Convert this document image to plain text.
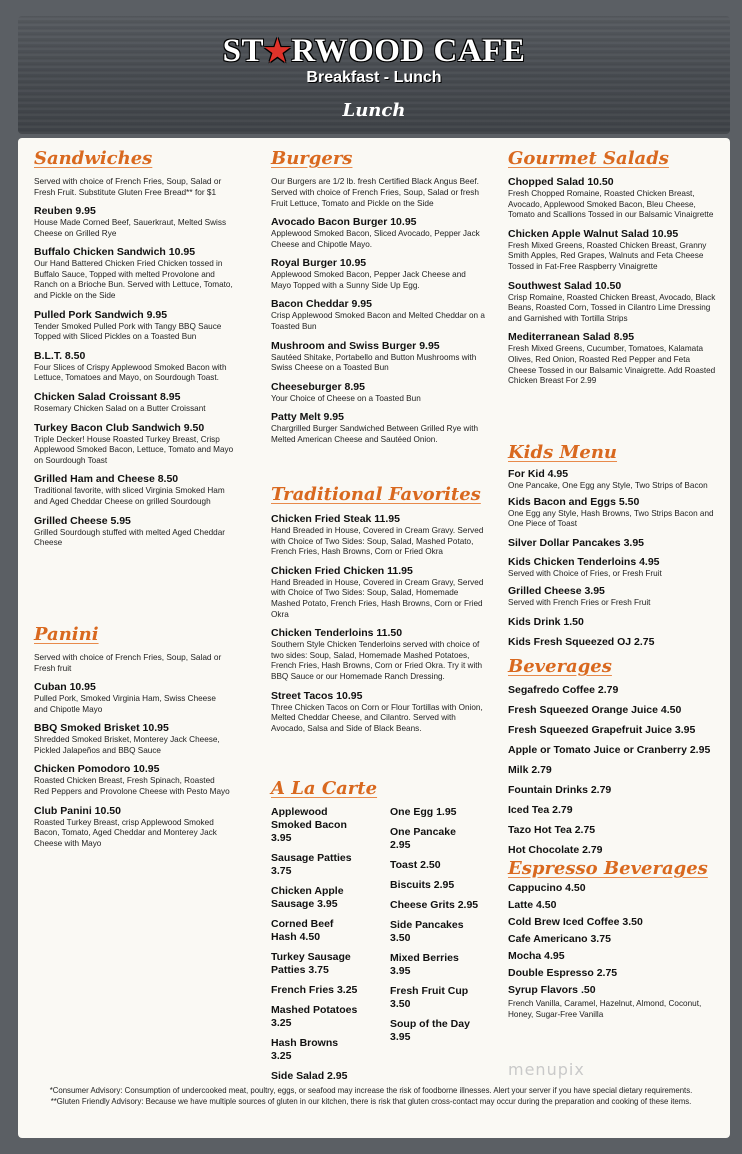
ST★RWOOD CAFE
Breakfast - Lunch
Lunch
Sandwiches
Served with choice of French Fries, Soup, Salad or Fresh Fruit. Substitute Gluten Free Bread** for $1
Reuben 9.95
House Made Corned Beef, Sauerkraut, Melted Swiss Cheese on Grilled Rye
Buffalo Chicken Sandwich 10.95
Our Hand Battered Chicken Fried Chicken tossed in Buffalo Sauce, Topped with melted Provolone and Ranch on a Brioche Bun. Served with Lettuce, Tomato, and Pickle on the Side
Pulled Pork Sandwich 9.95
Tender Smoked Pulled Pork with Tangy BBQ Sauce Topped with Sliced Pickles on a Toasted Bun
B.L.T. 8.50
Four Slices of Crispy Applewood Smoked Bacon with Lettuce, Tomatoes and Mayo, on Sourdough Toast.
Chicken Salad Croissant 8.95
Rosemary Chicken Salad on a Butter Croissant
Turkey Bacon Club Sandwich 9.50
Triple Decker! House Roasted Turkey Breast, Crisp Applewood Smoked Bacon, Lettuce, Tomato and Mayo on Sourdough Toast
Grilled Ham and Cheese 8.50
Traditional favorite, with sliced Virginia Smoked Ham and Aged Cheddar Cheese on grilled Sourdough
Grilled Cheese 5.95
Grilled Sourdough stuffed with melted Aged Cheddar Cheese
Panini
Served with choice of French Fries, Soup, Salad or Fresh fruit
Cuban 10.95
Pulled Pork, Smoked Virginia Ham, Swiss Cheese and Chipotle Mayo
BBQ Smoked Brisket 10.95
Shredded Smoked Brisket, Monterey Jack Cheese, Pickled Jalapeños and BBQ Sauce
Chicken Pomodoro 10.95
Roasted Chicken Breast, Fresh Spinach, Roasted Red Peppers and Provolone Cheese with Pesto Mayo
Club Panini 10.50
Roasted Turkey Breast, crisp Applewood Smoked Bacon, Tomato, Aged Cheddar and Monterey Jack Cheese with Mayo
Burgers
Our Burgers are 1/2 lb. fresh Certified Black Angus Beef. Served with choice of French Fries, Soup, Salad or fresh Fruit Lettuce, Tomato and Pickle on the Side
Avocado Bacon Burger 10.95
Applewood Smoked Bacon, Sliced Avocado, Pepper Jack Cheese and Chipotle Mayo.
Royal Burger 10.95
Applewood Smoked Bacon, Pepper Jack Cheese and Mayo Topped with a Sunny Side Up Egg.
Bacon Cheddar 9.95
Crisp Applewood Smoked Bacon and Melted Cheddar on a Toasted Bun
Mushroom and Swiss Burger 9.95
Sautéed Shitake, Portabello and Button Mushrooms with Swiss Cheese on a Toasted Bun
Cheeseburger 8.95
Your Choice of Cheese on a Toasted Bun
Patty Melt 9.95
Chargrilled Burger Sandwiched Between Grilled Rye with Melted American Cheese and Sautéed Onion.
Traditional Favorites
Chicken Fried Steak 11.95
Hand Breaded in House, Covered in Cream Gravy. Served with Choice of Two Sides: Soup, Salad, Mashed Potato, French Fries, Hash Browns, Corn or Fried Okra
Chicken Fried Chicken 11.95
Hand Breaded in House, Covered in Cream Gravy, Served with Choice of Two Sides: Soup, Salad, Homemade Mashed Potato, French Fries, Hash Browns, Corn or Fried Okra
Chicken Tenderloins 11.50
Southern Style Chicken Tenderloins served with choice of two sides: Soup, Salad, Homemade Mashed Potatoes, French Fries, Hash Browns, Corn or Fried Okra. Try it with BBQ Sauce or our Homemade Ranch Dressing.
Street Tacos 10.95
Three Chicken Tacos on Corn or Flour Tortillas with Onion, Melted Cheddar Cheese, and Cilantro. Served with Avocado, Salsa and Side of Black Beans.
A La Carte
Applewood
Smoked Bacon
3.95
Sausage Patties
3.75
Chicken Apple
Sausage 3.95
Corned Beef
Hash 4.50
Turkey Sausage
Patties 3.75
French Fries 3.25
Mashed Potatoes
3.25
Hash Browns
3.25
Side Salad 2.95
One Egg 1.95
One Pancake
2.95
Toast 2.50
Biscuits 2.95
Cheese Grits 2.95
Side Pancakes
3.50
Mixed Berries
3.95
Fresh Fruit Cup
3.50
Soup of the Day
3.95
Gourmet Salads
Chopped Salad 10.50
Fresh Chopped Romaine, Roasted Chicken Breast, Avocado, Applewood Smoked Bacon, Bleu Cheese, Tomato and Scallions Tossed in our Balsamic Vinaigrette
Chicken Apple Walnut Salad 10.95
Fresh Mixed Greens, Roasted Chicken Breast, Granny Smith Apples, Red Grapes, Walnuts and Feta Cheese Tossed in Fat-Free Raspberry Vinaigrette
Southwest Salad 10.50
Crisp Romaine, Roasted Chicken Breast, Avocado, Black Beans, Roasted Corn, Tossed in Cilantro Lime Dressing and Garnished with Tortilla Strips
Mediterranean Salad 8.95
Fresh Mixed Greens, Cucumber, Tomatoes, Kalamata Olives, Red Onion, Roasted Red Pepper and Feta Cheese Tossed in our Balsamic Vinaigrette. Add Roasted Chicken Breast For 2.99
Kids Menu
For Kid 4.95
One Pancake, One Egg any Style, Two Strips of Bacon
Kids Bacon and Eggs 5.50
One Egg any Style, Hash Browns, Two Strips Bacon and One Piece of Toast
Silver Dollar Pancakes 3.95
Kids Chicken Tenderloins 4.95
Served with Choice of Fries, or Fresh Fruit
Grilled Cheese 3.95
Served with French Fries or Fresh Fruit
Kids Drink 1.50
Kids Fresh Squeezed OJ 2.75
Beverages
Segafredo Coffee 2.79
Fresh Squeezed Orange Juice 4.50
Fresh Squeezed Grapefruit Juice 3.95
Apple or Tomato Juice or Cranberry 2.95
Milk 2.79
Fountain Drinks 2.79
Iced Tea 2.79
Tazo Hot Tea 2.75
Hot Chocolate 2.79
Espresso Beverages
Cappucino 4.50
Latte 4.50
Cold Brew Iced Coffee 3.50
Cafe Americano 3.75
Mocha 4.95
Double Espresso 2.75
Syrup Flavors .50
French Vanilla, Caramel, Hazelnut, Almond, Coconut, Honey, Sugar-Free Vanilla
menupix
*Consumer Advisory: Consumption of undercooked meat, poultry, eggs, or seafood may increase the risk of foodborne illnesses. Alert your server if you have special dietary requirements.
**Gluten Friendly Advisory: Because we have multiple sources of gluten in our kitchen, there is risk that gluten cross-contact may occur during the preparation and cooking of these items.
